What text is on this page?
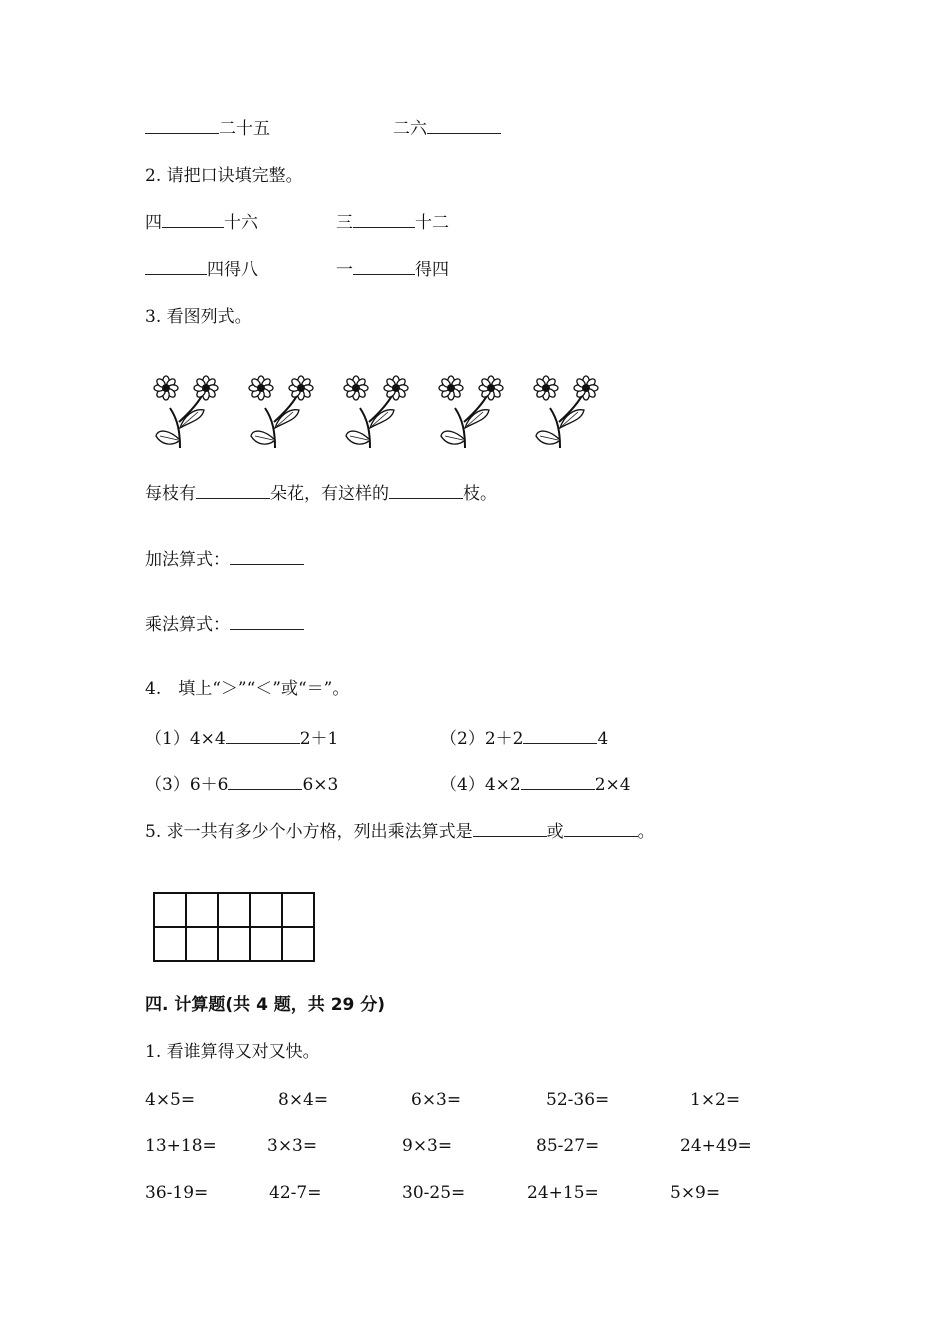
二十五	二六
2. 请把口诀填完整。
四	十六	三	十二
四得八	一	得四
3. 看图列式。
每枝有	朵花，有这样的	枝。
加法算式：
乘法算式：
4.　填上“＞”“＜”或“＝”。
（1）4×4	2＋1	（2）2＋2	4
（3）6＋6	6×3	（4）4×2	2×4
5. 求一共有多少个小方格，列出乘法算式是	或	。
四. 计算题(共 4 题，共 29 分)
1. 看谁算得又对又快。
4×5=	8×4=	6×3=	52-36=	1×2=
13+18=	3×3=	9×3=	85-27=	24+49=
36-19=	42-7=	30-25=	24+15=	5×9=
